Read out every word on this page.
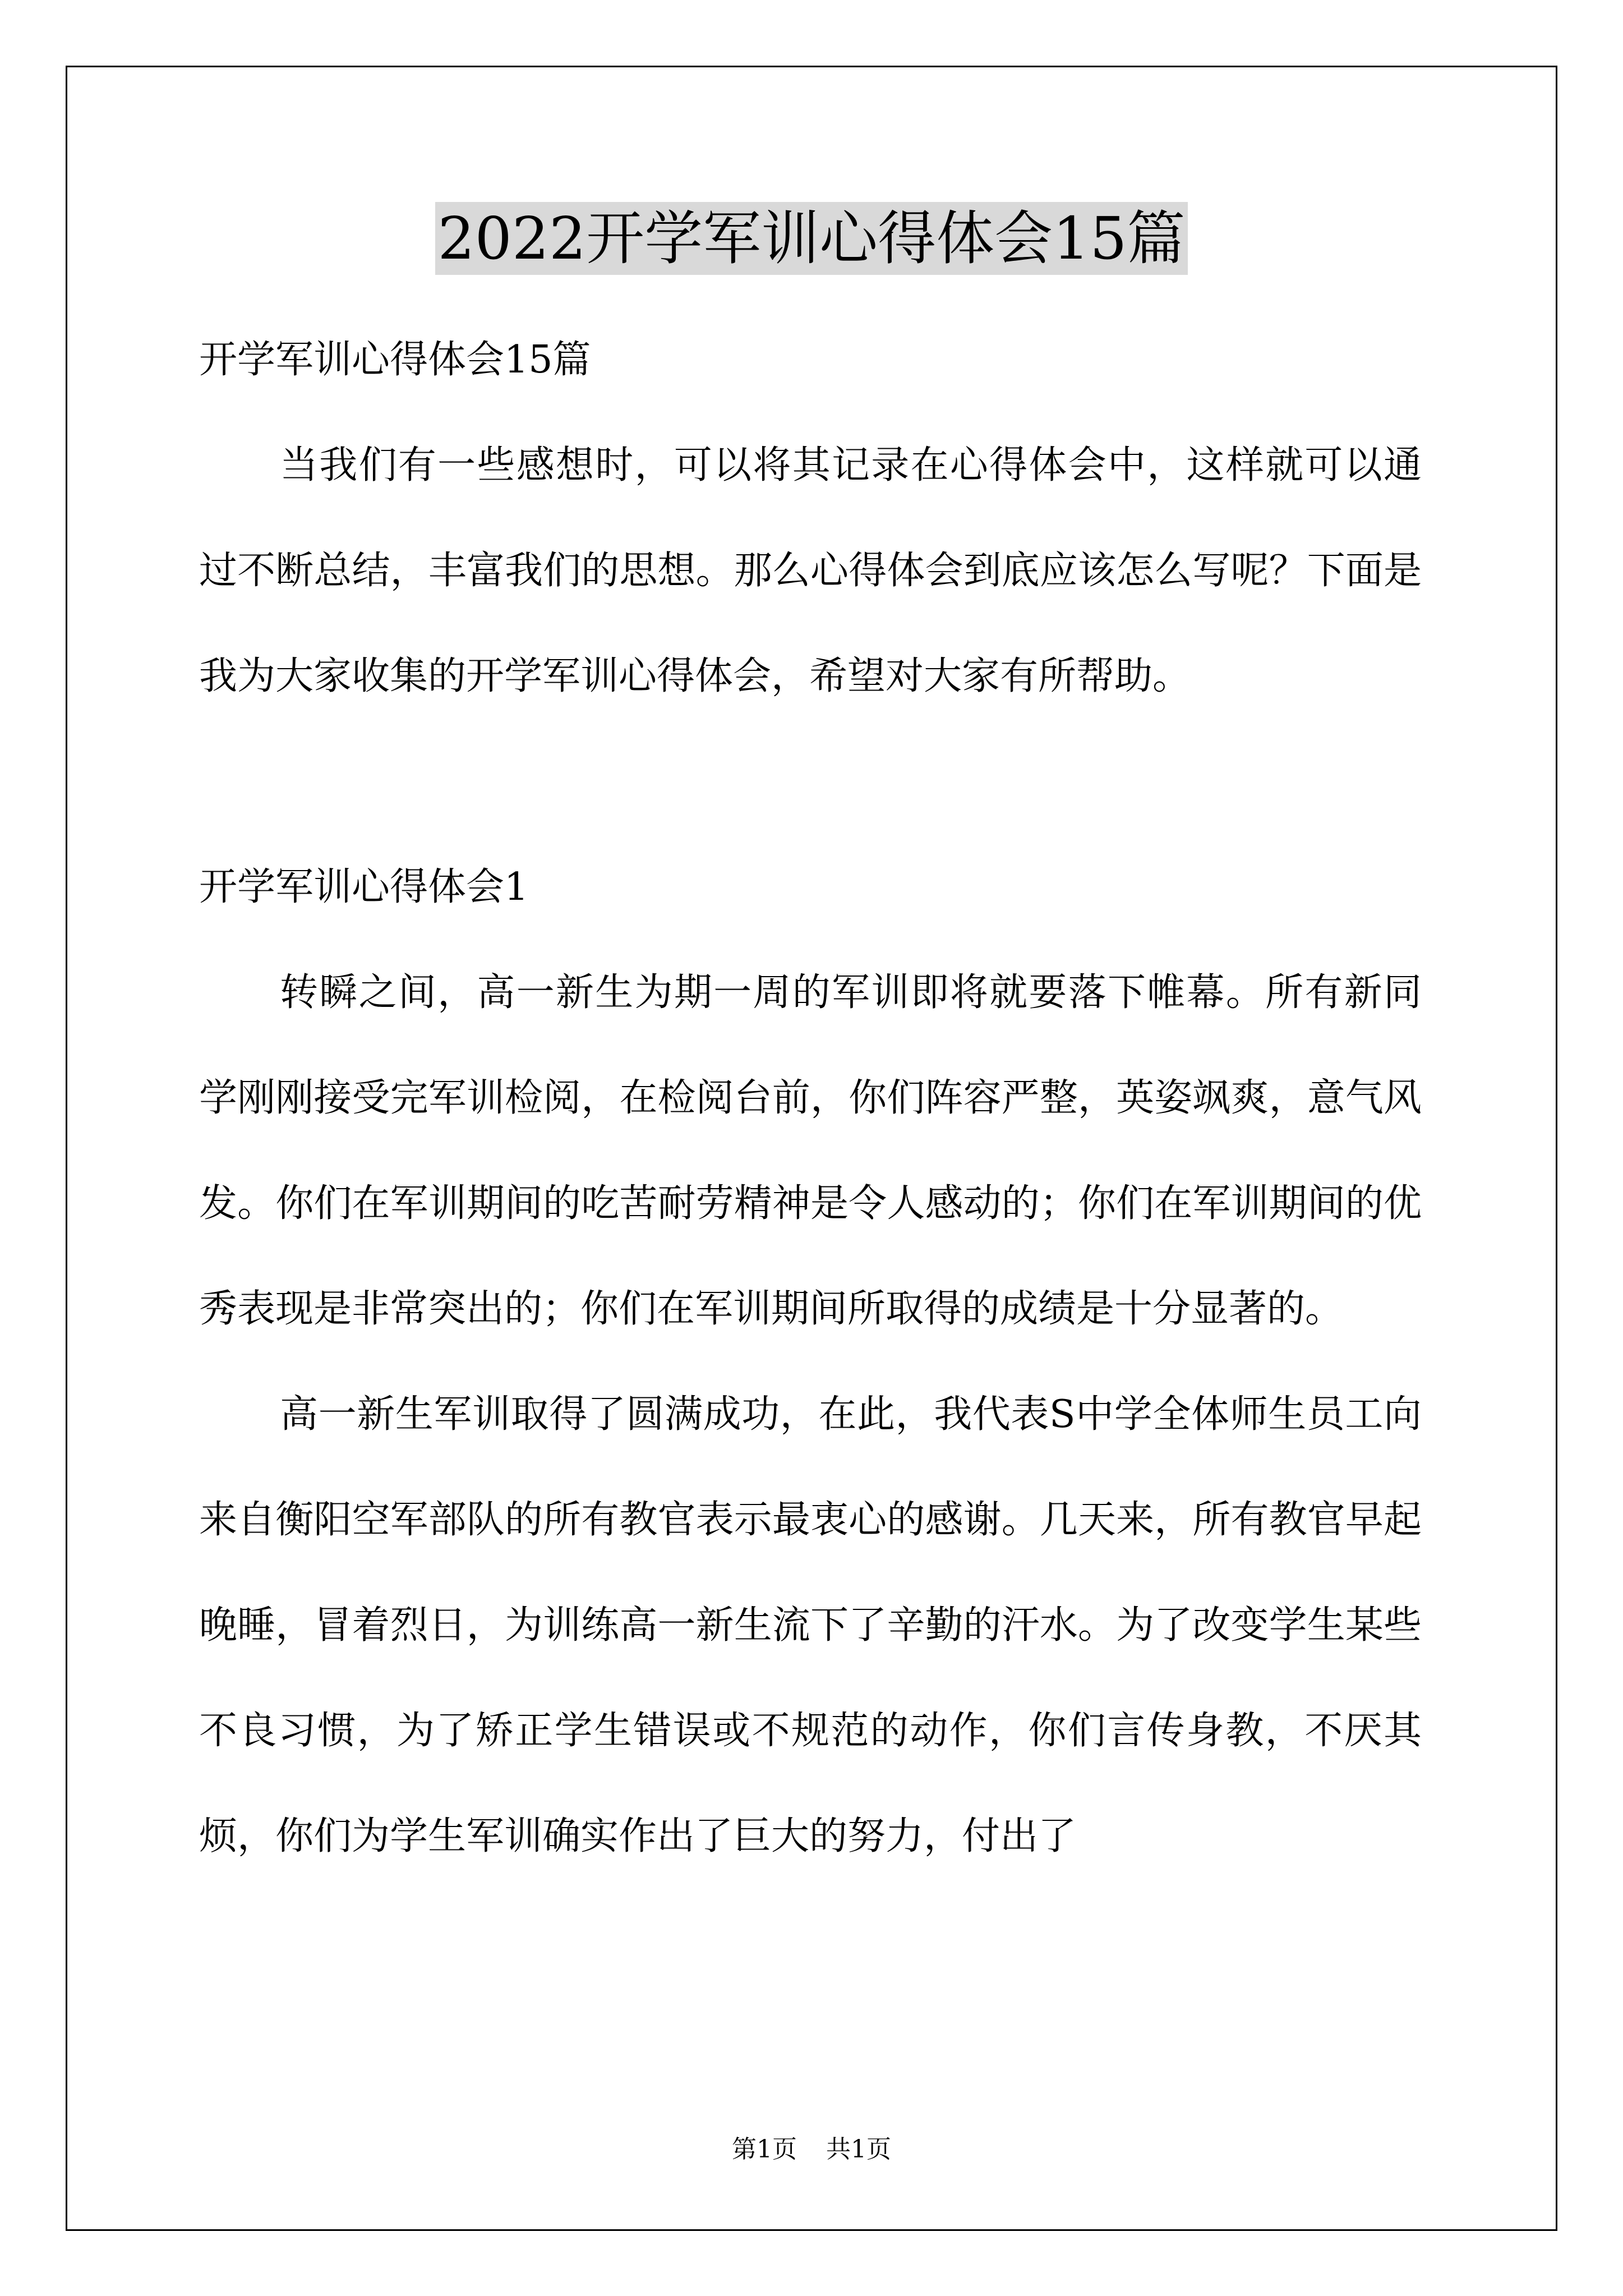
2022开学军训心得体会15篇

开学军训心得体会15篇

当我们有一些感想时，可以将其记录在心得体会中，这样就可以通过不断总结，丰富我们的思想。那么心得体会到底应该怎么写呢？下面是我为大家收集的开学军训心得体会，希望对大家有所帮助。

开学军训心得体会1

转瞬之间，高一新生为期一周的军训即将就要落下帷幕。所有新同学刚刚接受完军训检阅，在检阅台前，你们阵容严整，英姿飒爽，意气风发。你们在军训期间的吃苦耐劳精神是令人感动的；你们在军训期间的优秀表现是非常突出的；你们在军训期间所取得的成绩是十分显著的。

高一新生军训取得了圆满成功，在此，我代表S中学全体师生员工向来自衡阳空军部队的所有教官表示最衷心的感谢。几天来，所有教官早起晚睡，冒着烈日，为训练高一新生流下了辛勤的汗水。为了改变学生某些不良习惯，为了矫正学生错误或不规范的动作，你们言传身教，不厌其烦，你们为学生军训确实作出了巨大的努力，付出了

第1页 共1页
